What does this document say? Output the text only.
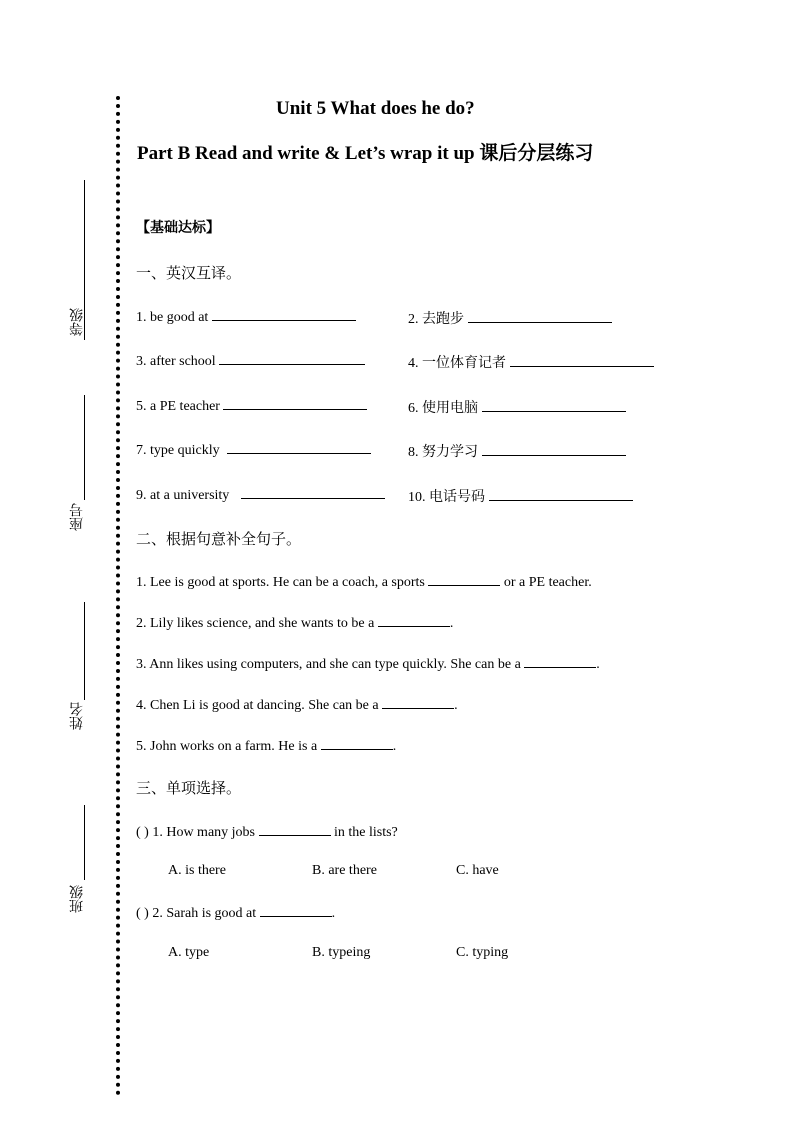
等级
座号
姓名
班级
Unit 5 What does he do?
Part B Read and write & Let’s wrap it up 课后分层练习
【基础达标】
一、英汉互译。
1. be good at	2. 去跑步
3. after school	4. 一位体育记者
5. a PE teacher	6. 使用电脑
7. type quickly	8. 努力学习
9. at a university	10. 电话号码
二、根据句意补全句子。
1. Lee is good at sports. He can be a coach, a sports	or a PE teacher.
2. Lily likes science, and she wants to be a	.
3. Ann likes using computers, and she can type quickly. She can be a	.
4. Chen Li is good at dancing. She can be a	.
5. John works on a farm. He is a	.
三、单项选择。
( ) 1. How many jobs	in the lists?
A. is there	B. are there	C. have
( ) 2. Sarah is good at	.
A. type	B. typeing	C. typing
